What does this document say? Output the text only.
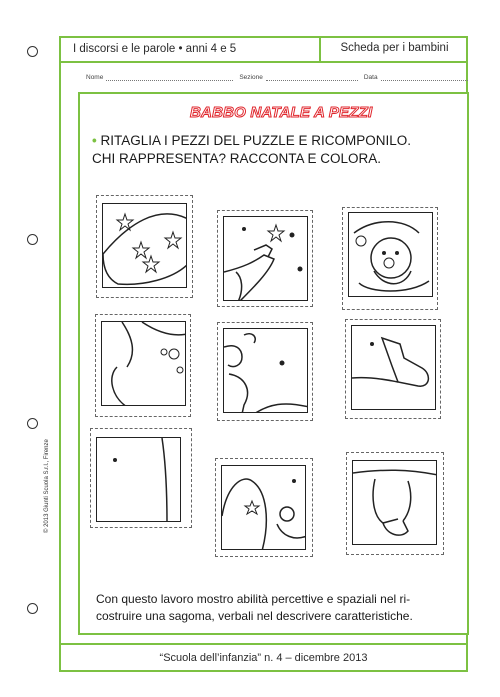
I discorsi e le parole • anni 4 e 5	Scheda per i bambini
Nome	Sezione	Data
BABBO NATALE A PEZZI
• RITAGLIA I PEZZI DEL PUZZLE E RICOMPONILO.
CHI RAPPRESENTA? RACCONTA E COLORA.
Con questo lavoro mostro abilità percettive e spaziali nel ri-
costruire una sagoma, verbali nel descrivere caratteristiche.
“Scuola dell’infanzia” n. 4 – dicembre 2013
© 2013 Giunti Scuola S.r.l., Firenze
